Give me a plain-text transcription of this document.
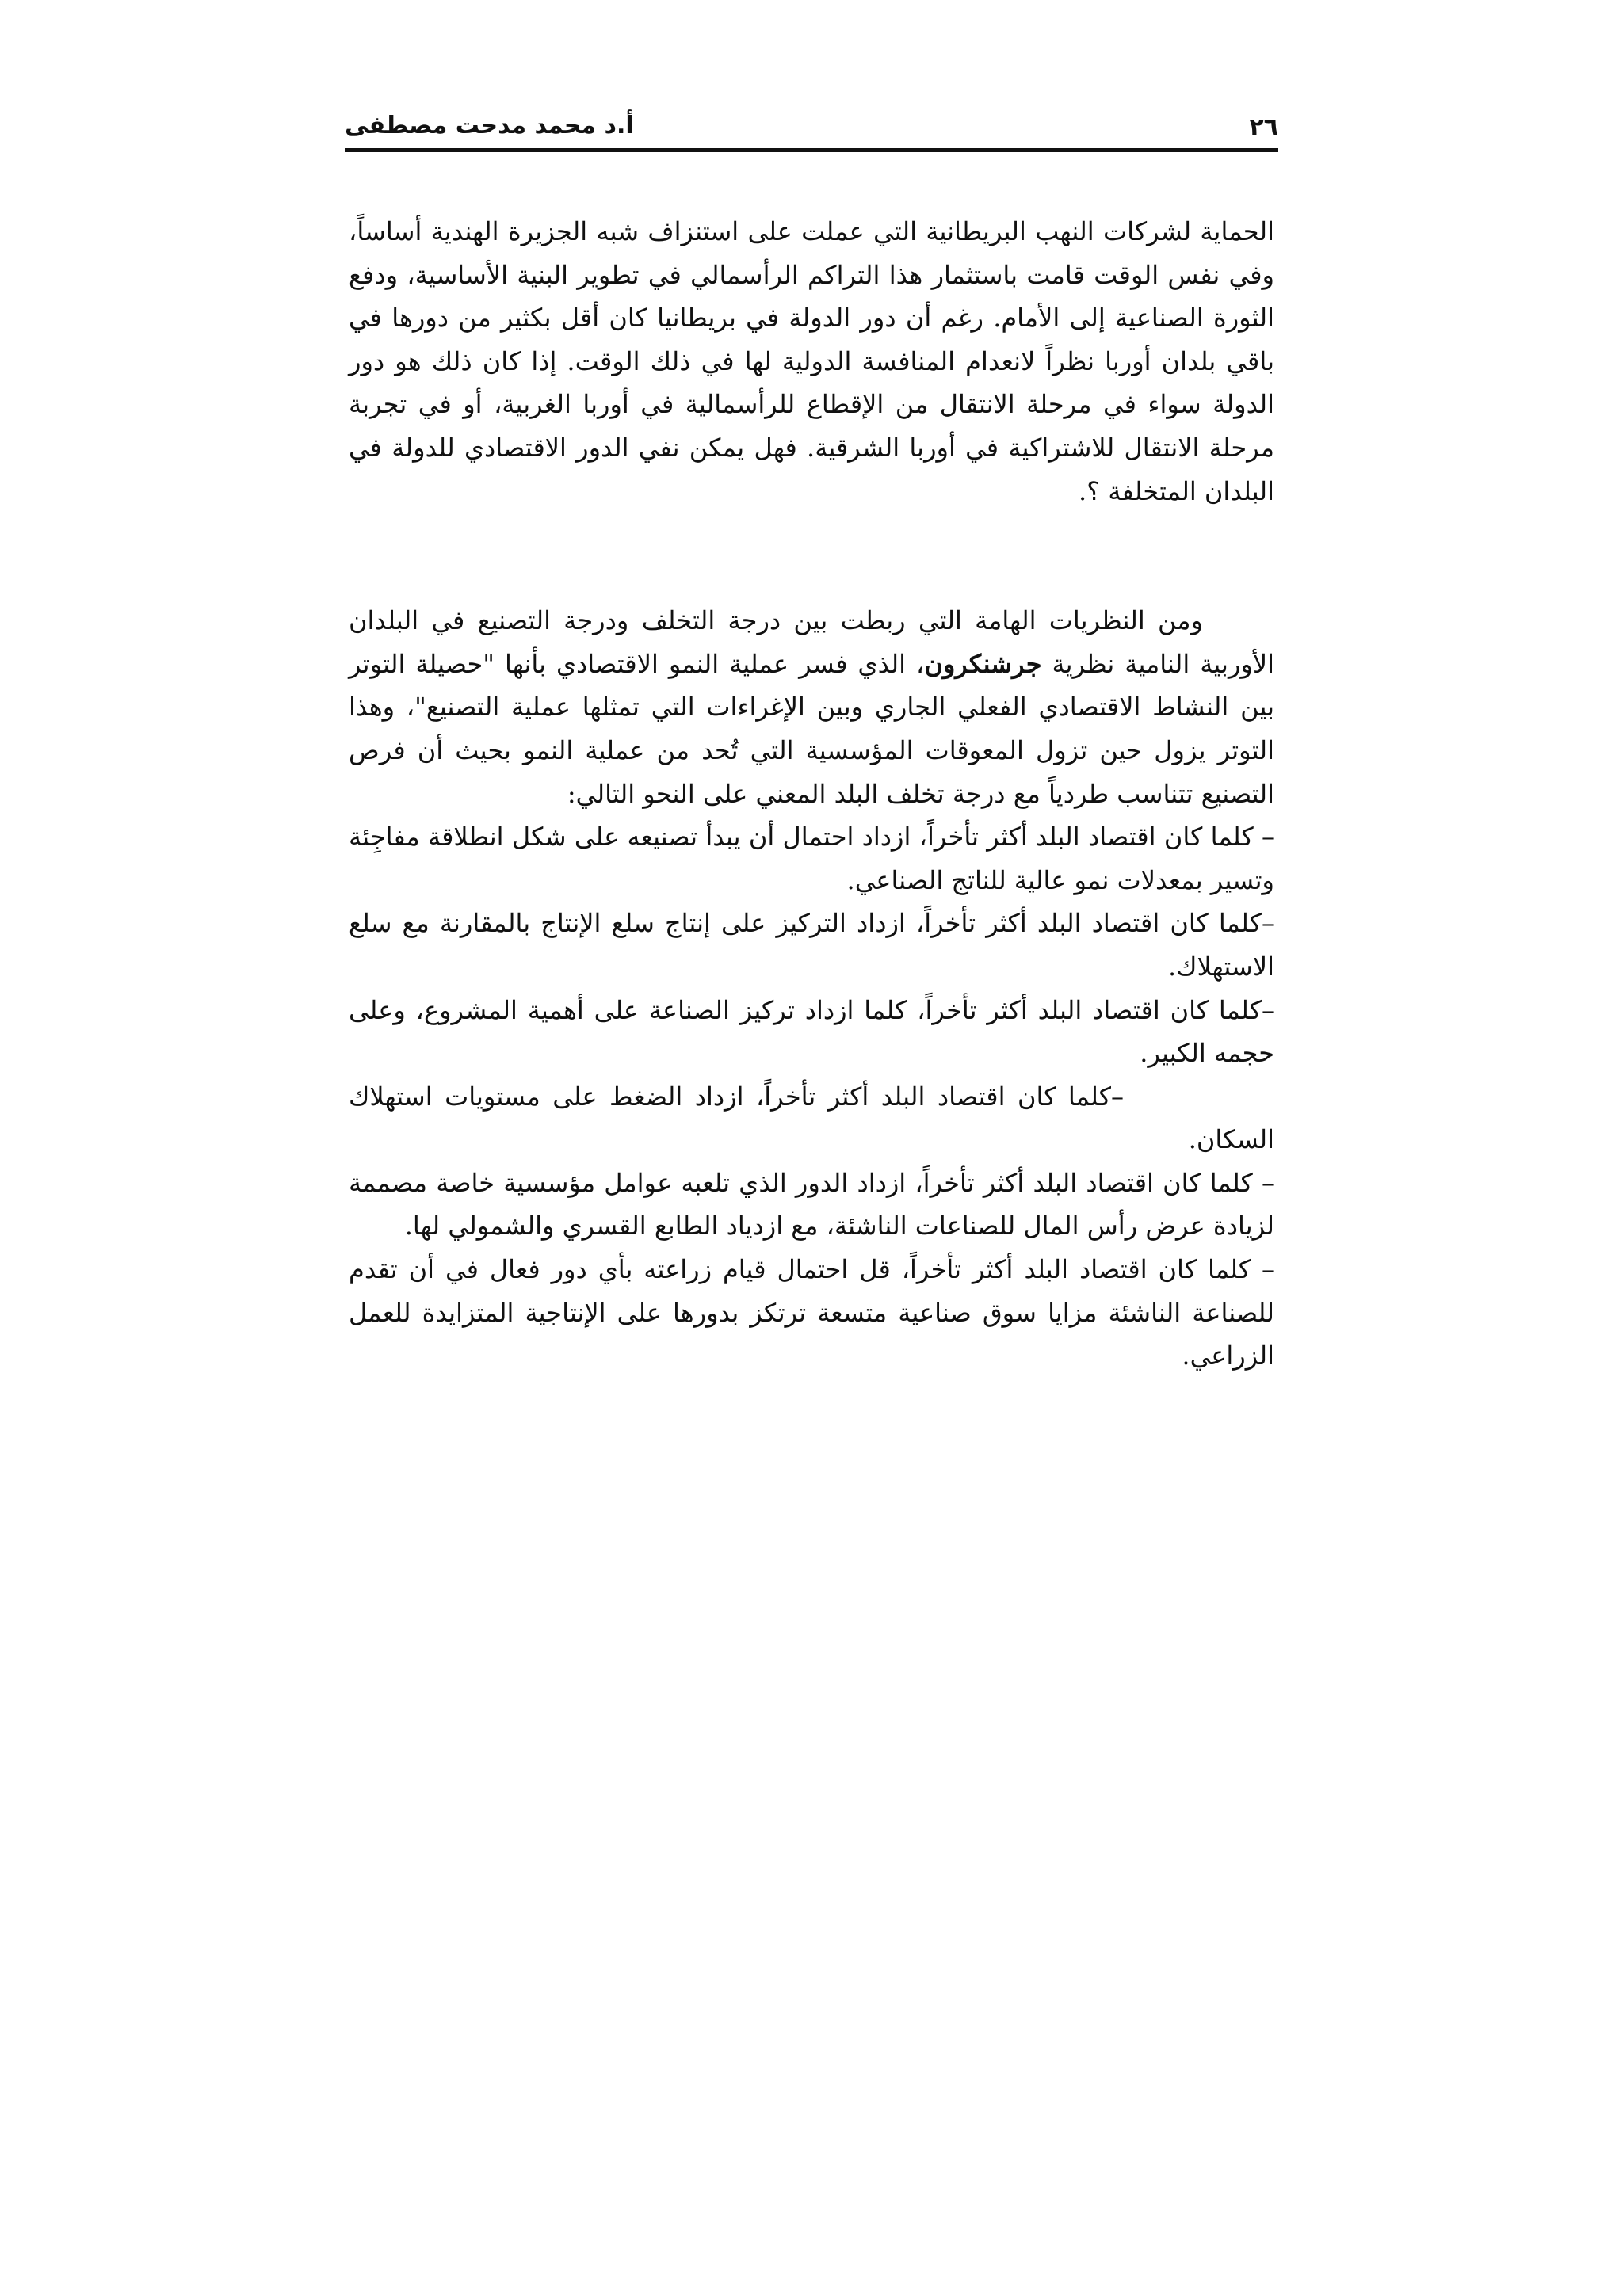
٢٦
أ.د محمد مدحت مصطفى

الحماية لشركات النهب البريطانية التي عملت على استنزاف شبه الجزيرة الهندية أساساً، وفي نفس الوقت قامت باستثمار هذا التراكم الرأسمالي في تطوير البنية الأساسية، ودفع الثورة الصناعية إلى الأمام. رغم أن دور الدولة في بريطانيا كان أقل بكثير من دورها في باقي بلدان أوربا نظراً لانعدام المنافسة الدولية لها في ذلك الوقت. إذا كان ذلك هو دور الدولة سواء في مرحلة الانتقال من الإقطاع للرأسمالية في أوربا الغربية، أو في تجربة مرحلة الانتقال للاشتراكية في أوربا الشرقية. فهل يمكن نفي الدور الاقتصادي للدولة في البلدان المتخلفة ؟.

ومن النظريات الهامة التي ربطت بين درجة التخلف ودرجة التصنيع في البلدان الأوربية النامية نظرية جرشنكرون، الذي فسر عملية النمو الاقتصادي بأنها "حصيلة التوتر بين النشاط الاقتصادي الفعلي الجاري وبين الإغراءات التي تمثلها عملية التصنيع"، وهذا التوتر يزول حين تزول المعوقات المؤسسية التي تُحد من عملية النمو بحيث أن فرص التصنيع تتناسب طردياً مع درجة تخلف البلد المعني على النحو التالي:

– كلما كان اقتصاد البلد أكثر تأخراً، ازداد احتمال أن يبدأ تصنيعه على شكل انطلاقة مفاجِئة وتسير بمعدلات نمو عالية للناتج الصناعي.

–كلما كان اقتصاد البلد أكثر تأخراً، ازداد التركيز على إنتاج سلع الإنتاج بالمقارنة مع سلع الاستهلاك.

–كلما كان اقتصاد البلد أكثر تأخراً، كلما ازداد تركيز الصناعة على أهمية المشروع، وعلى حجمه الكبير.

–كلما كان اقتصاد البلد أكثر تأخراً، ازداد الضغط على مستويات استهلاك السكان.

– كلما كان اقتصاد البلد أكثر تأخراً، ازداد الدور الذي تلعبه عوامل مؤسسية خاصة مصممة لزيادة عرض رأس المال للصناعات الناشئة، مع ازدياد الطابع القسري والشمولي لها.

– كلما كان اقتصاد البلد أكثر تأخراً، قل احتمال قيام زراعته بأي دور فعال في أن تقدم للصناعة الناشئة مزايا سوق صناعية متسعة ترتكز بدورها على الإنتاجية المتزايدة للعمل الزراعي.
